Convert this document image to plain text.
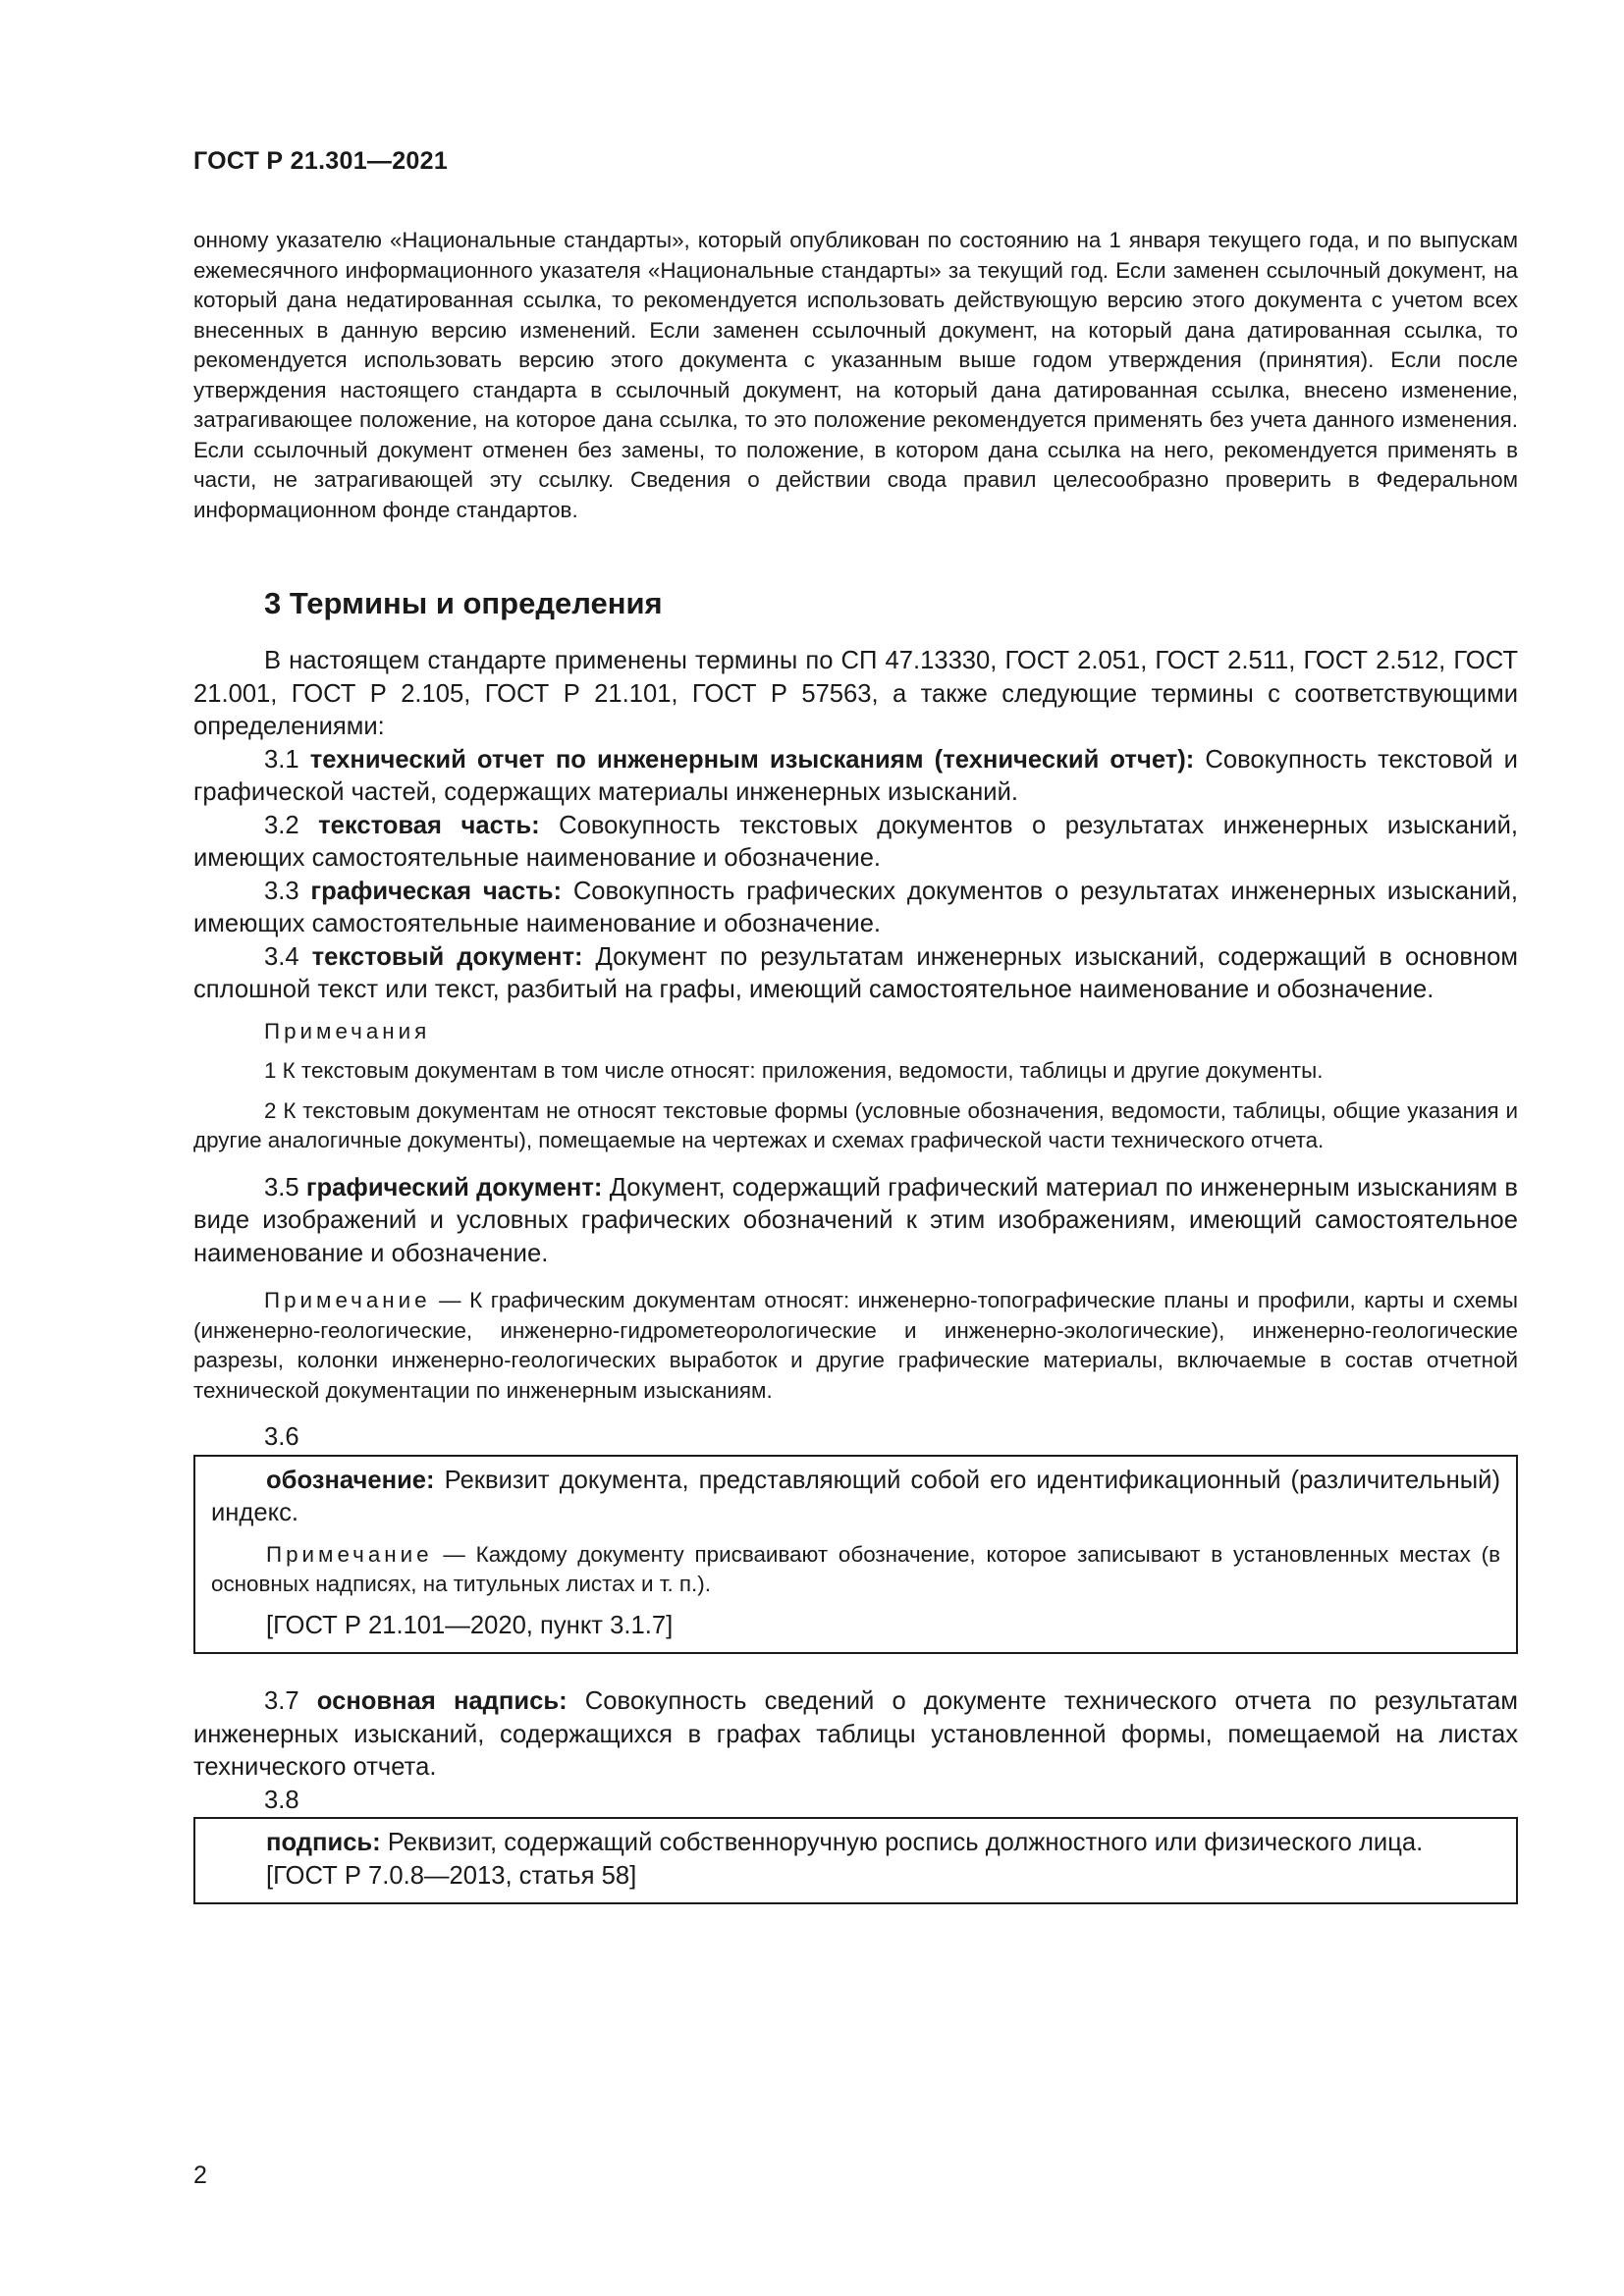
ГОСТ Р 21.301—2021

онному указателю «Национальные стандарты», который опубликован по состоянию на 1 января текущего года, и по выпускам ежемесячного информационного указателя «Национальные стандарты» за текущий год. Если заменен ссылочный документ, на который дана недатированная ссылка, то рекомендуется использовать действующую версию этого документа с учетом всех внесенных в данную версию изменений. Если заменен ссылочный документ, на который дана датированная ссылка, то рекомендуется использовать версию этого документа с указанным выше годом утверждения (принятия). Если после утверждения настоящего стандарта в ссылочный документ, на который дана датированная ссылка, внесено изменение, затрагивающее положение, на которое дана ссылка, то это положение рекомендуется применять без учета данного изменения. Если ссылочный документ отменен без замены, то положение, в котором дана ссылка на него, рекомендуется применять в части, не затрагивающей эту ссылку. Сведения о действии свода правил целесообразно проверить в Федеральном информационном фонде стандартов.

3 Термины и определения

В настоящем стандарте применены термины по СП 47.13330, ГОСТ 2.051, ГОСТ 2.511, ГОСТ 2.512, ГОСТ 21.001, ГОСТ Р 2.105, ГОСТ Р 21.101, ГОСТ Р 57563, а также следующие термины с соответствующими определениями:

3.1 технический отчет по инженерным изысканиям (технический отчет): Совокупность текстовой и графической частей, содержащих материалы инженерных изысканий.

3.2 текстовая часть: Совокупность текстовых документов о результатах инженерных изысканий, имеющих самостоятельные наименование и обозначение.

3.3 графическая часть: Совокупность графических документов о результатах инженерных изысканий, имеющих самостоятельные наименование и обозначение.

3.4 текстовый документ: Документ по результатам инженерных изысканий, содержащий в основном сплошной текст или текст, разбитый на графы, имеющий самостоятельное наименование и обозначение.

Примечания

1 К текстовым документам в том числе относят: приложения, ведомости, таблицы и другие документы.

2 К текстовым документам не относят текстовые формы (условные обозначения, ведомости, таблицы, общие указания и другие аналогичные документы), помещаемые на чертежах и схемах графической части технического отчета.

3.5 графический документ: Документ, содержащий графический материал по инженерным изысканиям в виде изображений и условных графических обозначений к этим изображениям, имеющий самостоятельное наименование и обозначение.

Примечание — К графическим документам относят: инженерно-топографические планы и профили, карты и схемы (инженерно-геологические, инженерно-гидрометеорологические и инженерно-экологические), инженерно-геологические разрезы, колонки инженерно-геологических выработок и другие графические материалы, включаемые в состав отчетной технической документации по инженерным изысканиям.

3.6

обозначение: Реквизит документа, представляющий собой его идентификационный (различительный) индекс.

Примечание — Каждому документу присваивают обозначение, которое записывают в установленных местах (в основных надписях, на титульных листах и т. п.).

[ГОСТ Р 21.101—2020, пункт 3.1.7]

3.7 основная надпись: Совокупность сведений о документе технического отчета по результатам инженерных изысканий, содержащихся в графах таблицы установленной формы, помещаемой на листах технического отчета.

3.8

подпись: Реквизит, содержащий собственноручную роспись должностного или физического лица.

[ГОСТ Р 7.0.8—2013, статья 58]

2
